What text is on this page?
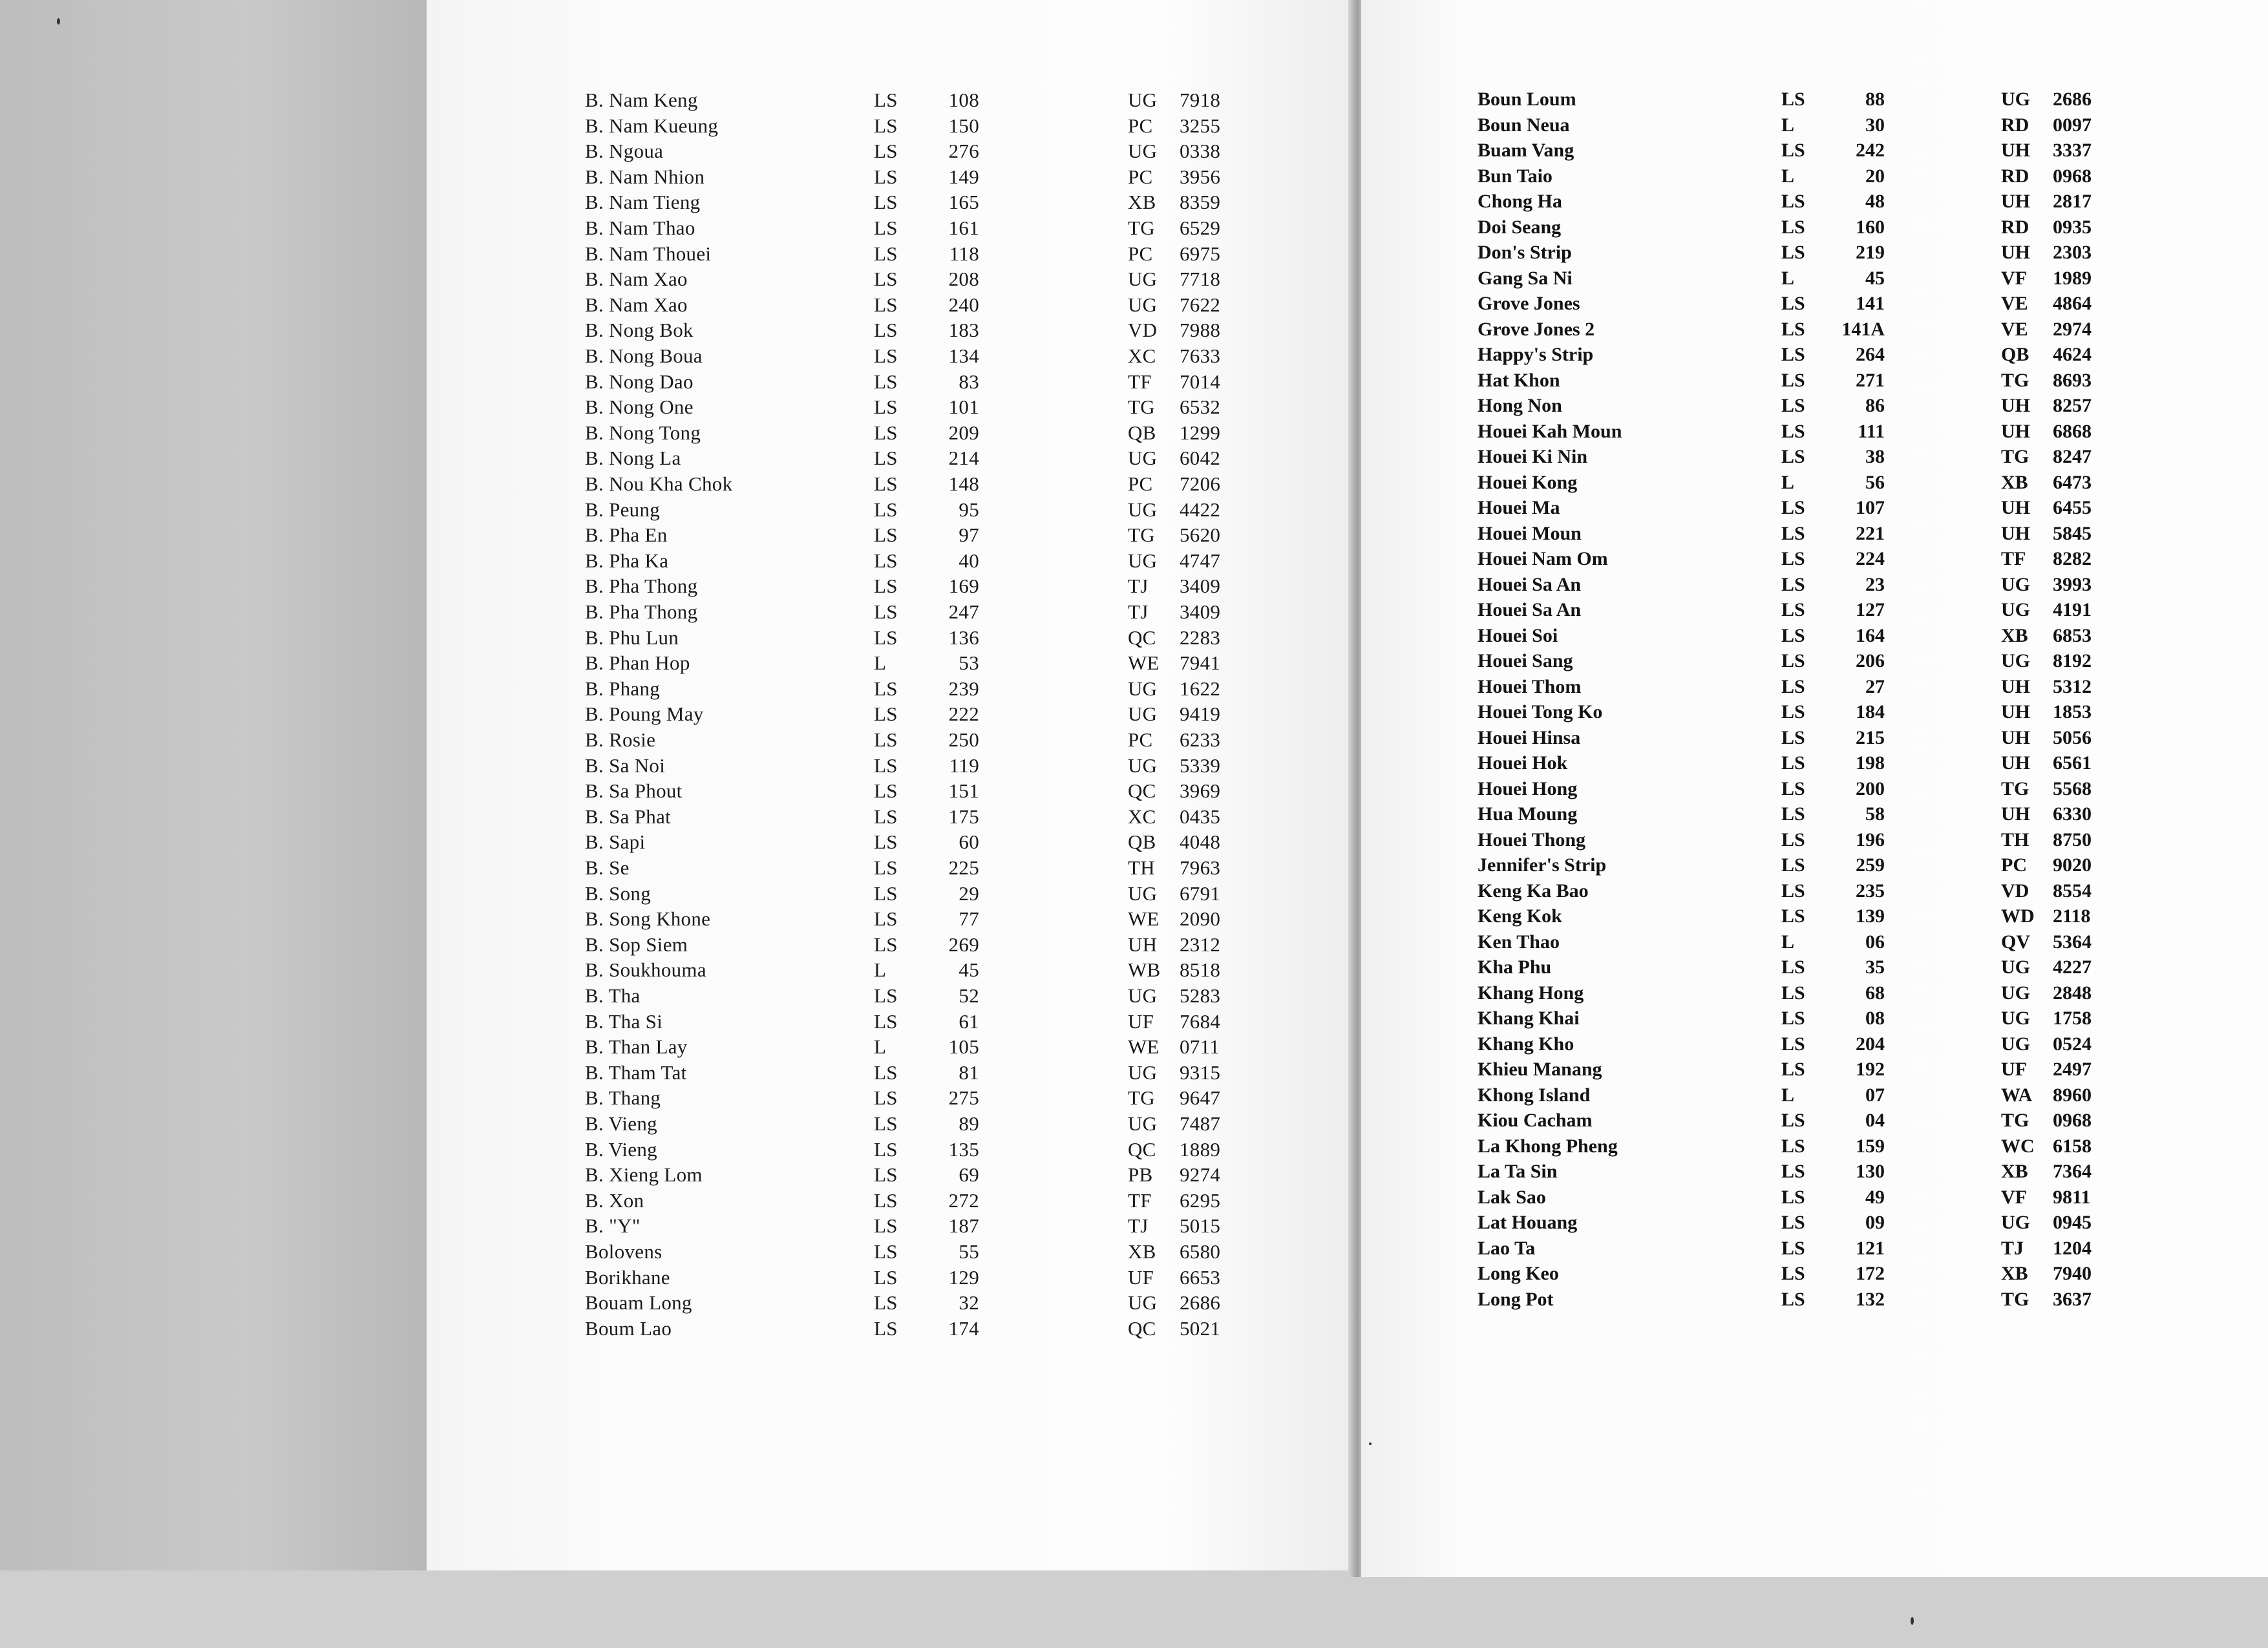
B. Nam Keng	LS	108	UG 7918
B. Nam Kueung	LS	150	PC 3255
B. Ngoua	LS	276	UG 0338
B. Nam Nhion	LS	149	PC 3956
B. Nam Tieng	LS	165	XB 8359
B. Nam Thao	LS	161	TG 6529
B. Nam Thouei	LS	118	PC 6975
B. Nam Xao	LS	208	UG 7718
B. Nam Xao	LS	240	UG 7622
B. Nong Bok	LS	183	VD 7988
B. Nong Boua	LS	134	XC 7633
B. Nong Dao	LS	83	TF 7014
B. Nong One	LS	101	TG 6532
B. Nong Tong	LS	209	QB 1299
B. Nong La	LS	214	UG 6042
B. Nou Kha Chok	LS	148	PC 7206
B. Peung	LS	95	UG 4422
B. Pha En	LS	97	TG 5620
B. Pha Ka	LS	40	UG 4747
B. Pha Thong	LS	169	TJ 3409
B. Pha Thong	LS	247	TJ 3409
B. Phu Lun	LS	136	QC 2283
B. Phan Hop	L	53	WE 7941
B. Phang	LS	239	UG 1622
B. Poung May	LS	222	UG 9419
B. Rosie	LS	250	PC 6233
B. Sa Noi	LS	119	UG 5339
B. Sa Phout	LS	151	QC 3969
B. Sa Phat	LS	175	XC 0435
B. Sapi	LS	60	QB 4048
B. Se	LS	225	TH 7963
B. Song	LS	29	UG 6791
B. Song Khone	LS	77	WE 2090
B. Sop Siem	LS	269	UH 2312
B. Soukhouma	L	45	WB 8518
B. Tha	LS	52	UG 5283
B. Tha Si	LS	61	UF 7684
B. Than Lay	L	105	WE 0711
B. Tham Tat	LS	81	UG 9315
B. Thang	LS	275	TG 9647
B. Vieng	LS	89	UG 7487
B. Vieng	LS	135	QC 1889
B. Xieng Lom	LS	69	PB 9274
B. Xon	LS	272	TF 6295
B. "Y"	LS	187	TJ 5015
Bolovens	LS	55	XB 6580
Borikhane	LS	129	UF 6653
Bouam Long	LS	32	UG 2686
Boum Lao	LS	174	QC 5021
Boun Loum	LS	88	UG 2686
Boun Neua	L	30	RD 0097
Buam Vang	LS	242	UH 3337
Bun Taio	L	20	RD 0968
Chong Ha	LS	48	UH 2817
Doi Seang	LS	160	RD 0935
Don's Strip	LS	219	UH 2303
Gang Sa Ni	L	45	VF 1989
Grove Jones	LS	141	VE 4864
Grove Jones 2	LS	141A	VE 2974
Happy's Strip	LS	264	QB 4624
Hat Khon	LS	271	TG 8693
Hong Non	LS	86	UH 8257
Houei Kah Moun	LS	111	UH 6868
Houei Ki Nin	LS	38	TG 8247
Houei Kong	L	56	XB 6473
Houei Ma	LS	107	UH 6455
Houei Moun	LS	221	UH 5845
Houei Nam Om	LS	224	TF 8282
Houei Sa An	LS	23	UG 3993
Houei Sa An	LS	127	UG 4191
Houei Soi	LS	164	XB 6853
Houei Sang	LS	206	UG 8192
Houei Thom	LS	27	UH 5312
Houei Tong Ko	LS	184	UH 1853
Houei Hinsa	LS	215	UH 5056
Houei Hok	LS	198	UH 6561
Houei Hong	LS	200	TG 5568
Hua Moung	LS	58	UH 6330
Houei Thong	LS	196	TH 8750
Jennifer's Strip	LS	259	PC 9020
Keng Ka Bao	LS	235	VD 8554
Keng Kok	LS	139	WD 2118
Ken Thao	L	06	QV 5364
Kha Phu	LS	35	UG 4227
Khang Hong	LS	68	UG 2848
Khang Khai	LS	08	UG 1758
Khang Kho	LS	204	UG 0524
Khieu Manang	LS	192	UF 2497
Khong Island	L	07	WA 8960
Kiou Cacham	LS	04	TG 0968
La Khong Pheng	LS	159	WC 6158
La Ta Sin	LS	130	XB 7364
Lak Sao	LS	49	VF 9811
Lat Houang	LS	09	UG 0945
Lao Ta	LS	121	TJ 1204
Long Keo	LS	172	XB 7940
Long Pot	LS	132	TG 3637
